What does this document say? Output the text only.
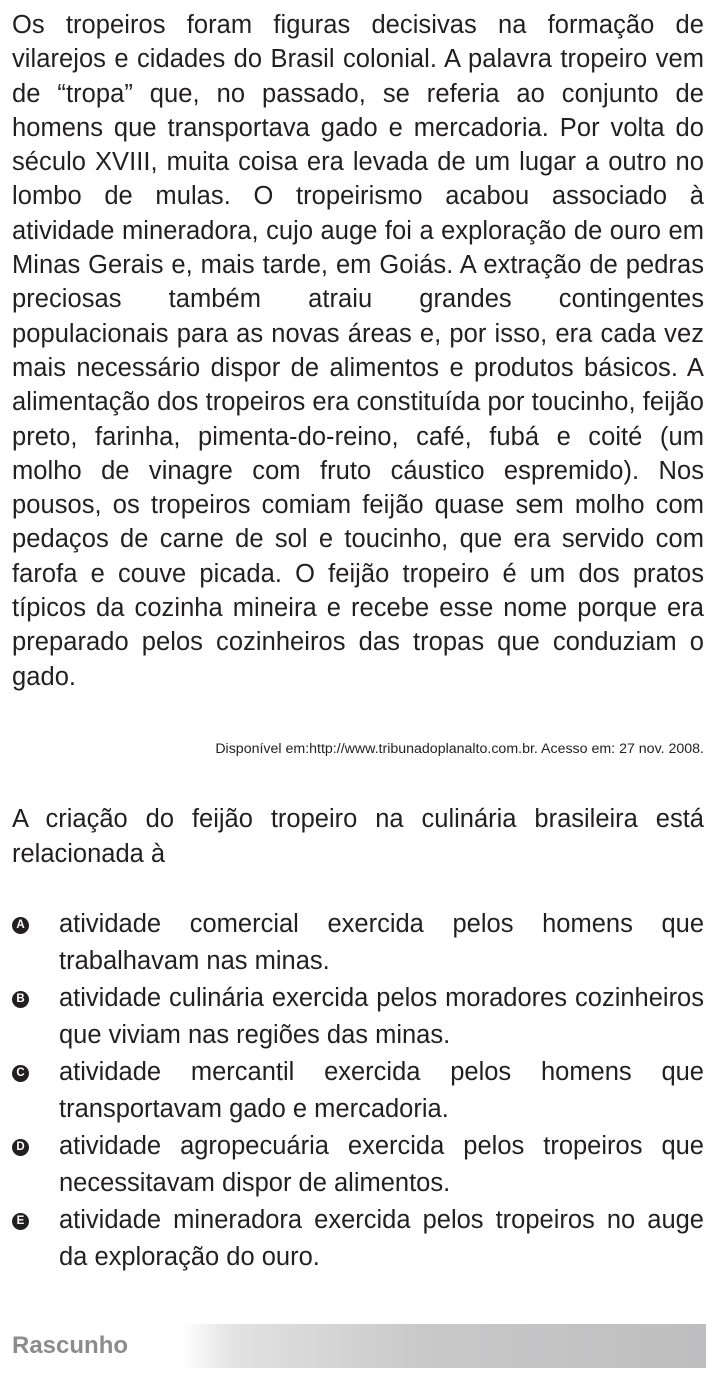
Os tropeiros foram figuras decisivas na formação de vilarejos e cidades do Brasil colonial. A palavra tropeiro vem de “tropa” que, no passado, se referia ao conjunto de homens que transportava gado e mercadoria. Por volta do século XVIII, muita coisa era levada de um lugar a outro no lombo de mulas. O tropeirismo acabou associado à atividade mineradora, cujo auge foi a exploração de ouro em Minas Gerais e, mais tarde, em Goiás. A extração de pedras preciosas também atraiu grandes contingentes populacionais para as novas áreas e, por isso, era cada vez mais necessário dispor de alimentos e produtos básicos. A alimentação dos tropeiros era constituída por toucinho, feijão preto, farinha, pimenta-do-reino, café, fubá e coité (um molho de vinagre com fruto cáustico espremido). Nos pousos, os tropeiros comiam feijão quase sem molho com pedaços de carne de sol e toucinho, que era servido com farofa e couve picada. O feijão tropeiro é um dos pratos típicos da cozinha mineira e recebe esse nome porque era preparado pelos cozinheiros das tropas que conduziam o gado.

Disponível em:http://www.tribunadoplanalto.com.br. Acesso em: 27 nov. 2008.

A criação do feijão tropeiro na culinária brasileira está relacionada à

A atividade comercial exercida pelos homens que trabalhavam nas minas.
B atividade culinária exercida pelos moradores cozinheiros que viviam nas regiões das minas.
C atividade mercantil exercida pelos homens que transportavam gado e mercadoria.
D atividade agropecuária exercida pelos tropeiros que necessitavam dispor de alimentos.
E atividade mineradora exercida pelos tropeiros no auge da exploração do ouro.
Rascunho
